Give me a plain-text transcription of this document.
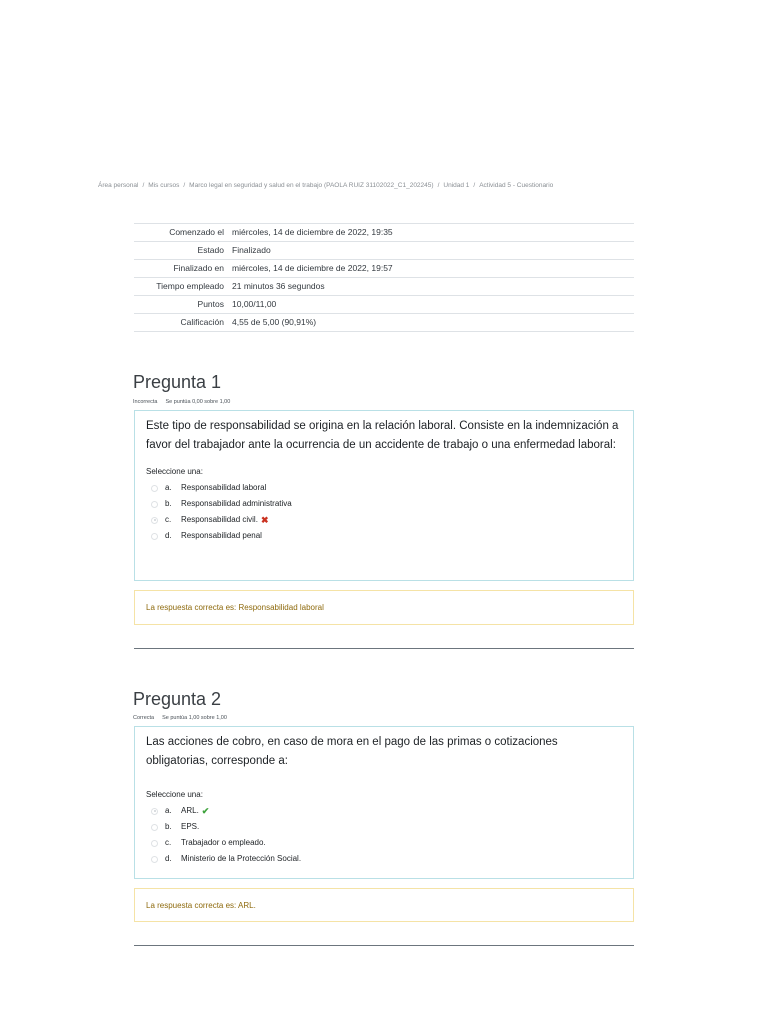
Área personal / Mis cursos / Marco legal en seguridad y salud en el trabajo (PAOLA RUIZ 31102022_C1_202245) / Unidad 1 / Actividad 5 - Cuestionario
Comenzado el	miércoles, 14 de diciembre de 2022, 19:35
Estado	Finalizado
Finalizado en	miércoles, 14 de diciembre de 2022, 19:57
Tiempo empleado	21 minutos 36 segundos
Puntos	10,00/11,00
Calificación	4,55 de 5,00 (90,91%)
Pregunta 1
Incorrecta Se puntúa 0,00 sobre 1,00

Este tipo de responsabilidad se origina en la relación laboral. Consiste en la indemnización a favor del trabajador ante la ocurrencia de un accidente de trabajo o una enfermedad laboral:

Seleccione una:
a.	Responsabilidad laboral
b.	Responsabilidad administrativa
c.	Responsabilidad civil. ✖
d.	Responsabilidad penal
La respuesta correcta es: Responsabilidad laboral
Pregunta 2
Correcta Se puntúa 1,00 sobre 1,00

Las acciones de cobro, en caso de mora en el pago de las primas o cotizaciones obligatorias, corresponde a:

Seleccione una:
a.	ARL. ✔
b.	EPS.
c.	Trabajador o empleado.
d.	Ministerio de la Protección Social.
La respuesta correcta es: ARL.
